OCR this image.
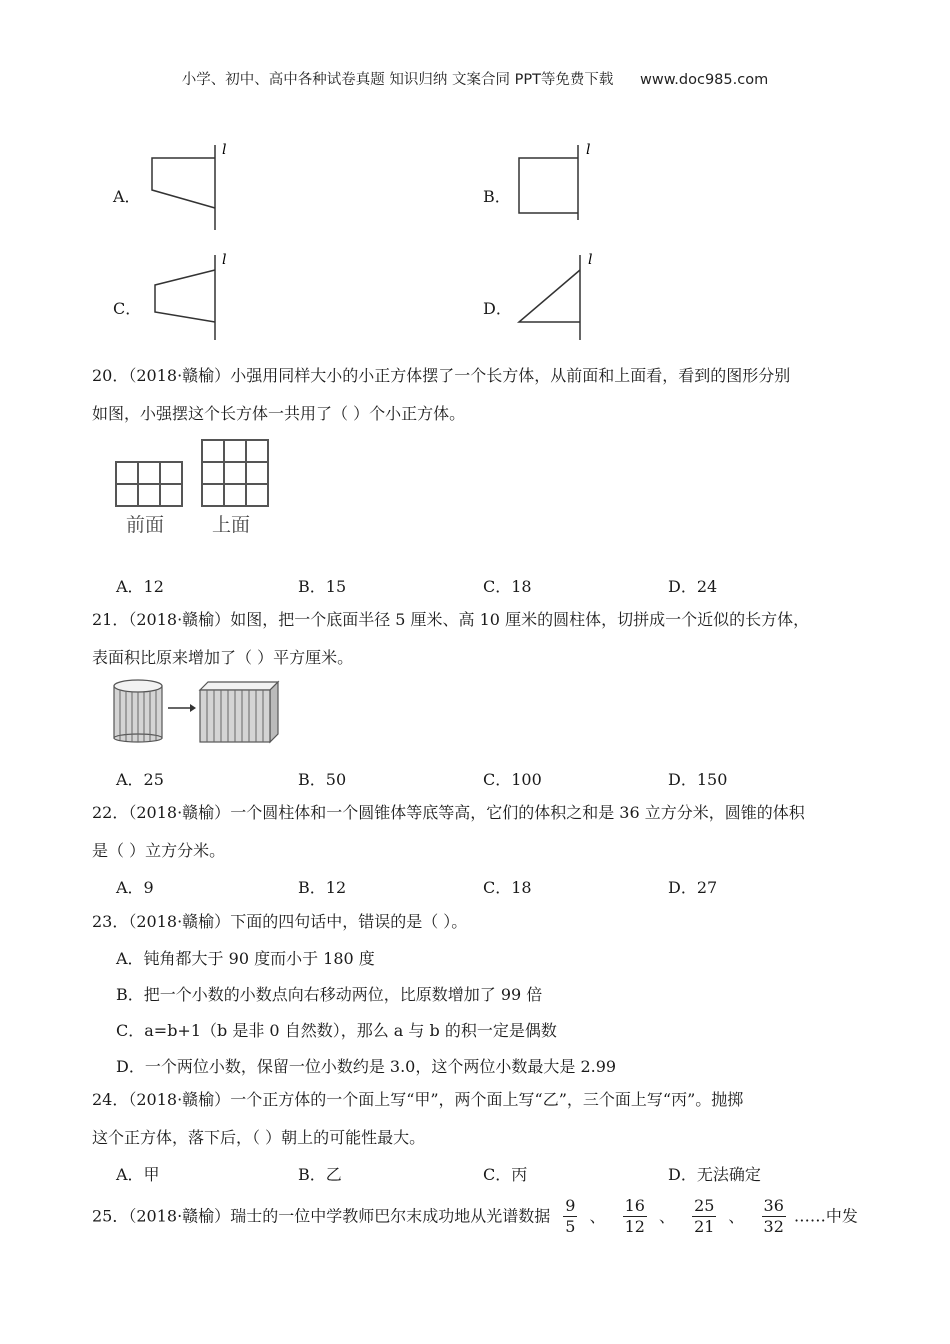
小学、初中、高中各种试卷真题 知识归纳 文案合同 PPT等免费下载 www.doc985.com
A．
l
B．
l
C．
l
D．
l
20．（2018·赣榆）小强用同样大小的小正方体摆了一个长方体，从前面和上面看，看到的图形分别
如图，小强摆这个长方体一共用了（ ）个小正方体。
前面	上面
A．12	B．15	C．18	D．24
21．（2018·赣榆）如图，把一个底面半径 5 厘米、高 10 厘米的圆柱体，切拼成一个近似的长方体，
表面积比原来增加了（ ）平方厘米。
A．25	B．50	C．100	D．150
22．（2018·赣榆）一个圆柱体和一个圆锥体等底等高，它们的体积之和是 36 立方分米，圆锥的体积
是（ ）立方分米。
A．9	B．12	C．18	D．27
23．（2018·赣榆）下面的四句话中，错误的是（ ）。
A．钝角都大于 90 度而小于 180 度
B．把一个小数的小数点向右移动两位，比原数增加了 99 倍
C．a=b+1（b 是非 0 自然数），那么 a 与 b 的积一定是偶数
D．一个两位小数，保留一位小数约是 3.0，这个两位小数最大是 2.99
24．（2018·赣榆）一个正方体的一个面上写“甲”，两个面上写“乙”，三个面上写“丙”。抛掷
这个正方体，落下后，（ ）朝上的可能性最大。
A．甲	B．乙	C．丙	D．无法确定
25．（2018·赣榆）瑞士的一位中学教师巴尔末成功地从光谱数据 $\frac{9}{5}$ 、 $\frac{16}{12}$ 、 $\frac{25}{21}$ 、 $\frac{36}{32}$ ……中发
